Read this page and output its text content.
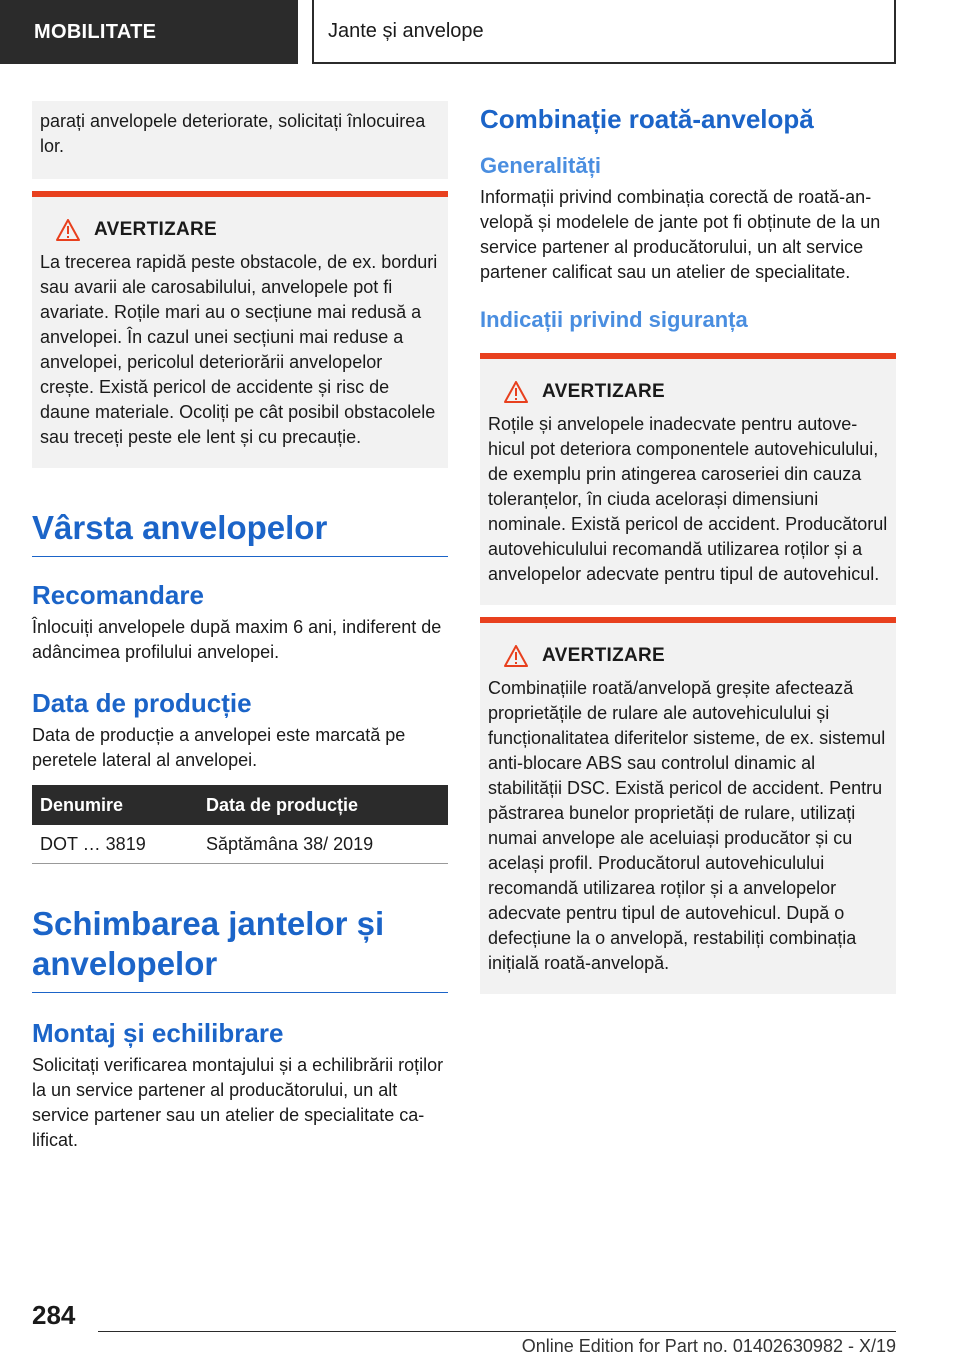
MOBILITATE	Jante și anvelope
parați anvelopele deteriorate, solicitați înlocuirea lor.
AVERTIZARE
La trecerea rapidă peste obstacole, de ex. borduri sau avarii ale carosabilului, anvelopele pot fi avariate. Roțile mari au o secțiune mai redusă a anvelopei. În cazul unei secțiuni mai reduse a anvelopei, pericolul deteriorării anvelopelor crește. Există pericol de accidente și risc de daune materiale. Ocoliți pe cât posibil obstacolele sau treceți peste ele lent și cu precauție.
Vârsta anvelopelor
Recomandare

Înlocuiți anvelopele după maxim 6 ani, indiferent de adâncimea profilului anvelopei.

Data de producție

Data de producție a anvelopei este marcată pe peretele lateral al anvelopei.

Denumire	Data de producție
DOT … 3819	Săptămâna 38/ 2019
Schimbarea jantelor și anvelopelor
Montaj și echilibrare

Solicitați verificarea montajului și a echilibrării roților la un service partener al producătorului, un alt service partener sau un atelier de specialitate calificat.

Combinație roată-anvelopă
Generalități

Informații privind combinația corectă de roată-anvelopă și modelele de jante pot fi obținute de la un service partener al producătorului, un alt service partener calificat sau un atelier de specialitate.

Indicații privind siguranța
AVERTIZARE
Roțile și anvelopele inadecvate pentru autovehicul pot deteriora componentele autovehiculului, de exemplu prin atingerea caroseriei din cauza toleranțelor, în ciuda acelorași dimensiuni nominale. Există pericol de accident. Producătorul autovehiculului recomandă utilizarea roților și a anvelopelor adecvate pentru tipul de autovehicul.
AVERTIZARE
Combinațiile roată/anvelopă greșite afectează proprietățile de rulare ale autovehiculului și funcționalitatea diferitelor sisteme, de ex. sistemul anti-blocare ABS sau controlul dinamic al stabilității DSC. Există pericol de accident. Pentru păstrarea bunelor proprietăți de rulare, utilizați numai anvelope ale aceluiași producător și cu același profil. Producătorul autovehiculului recomandă utilizarea roților și a anvelopelor adecvate pentru tipul de autovehicul. După o defecțiune la o anvelopă, restabiliți combinația inițială roată-anvelopă.
284
Online Edition for Part no. 01402630982 - X/19
